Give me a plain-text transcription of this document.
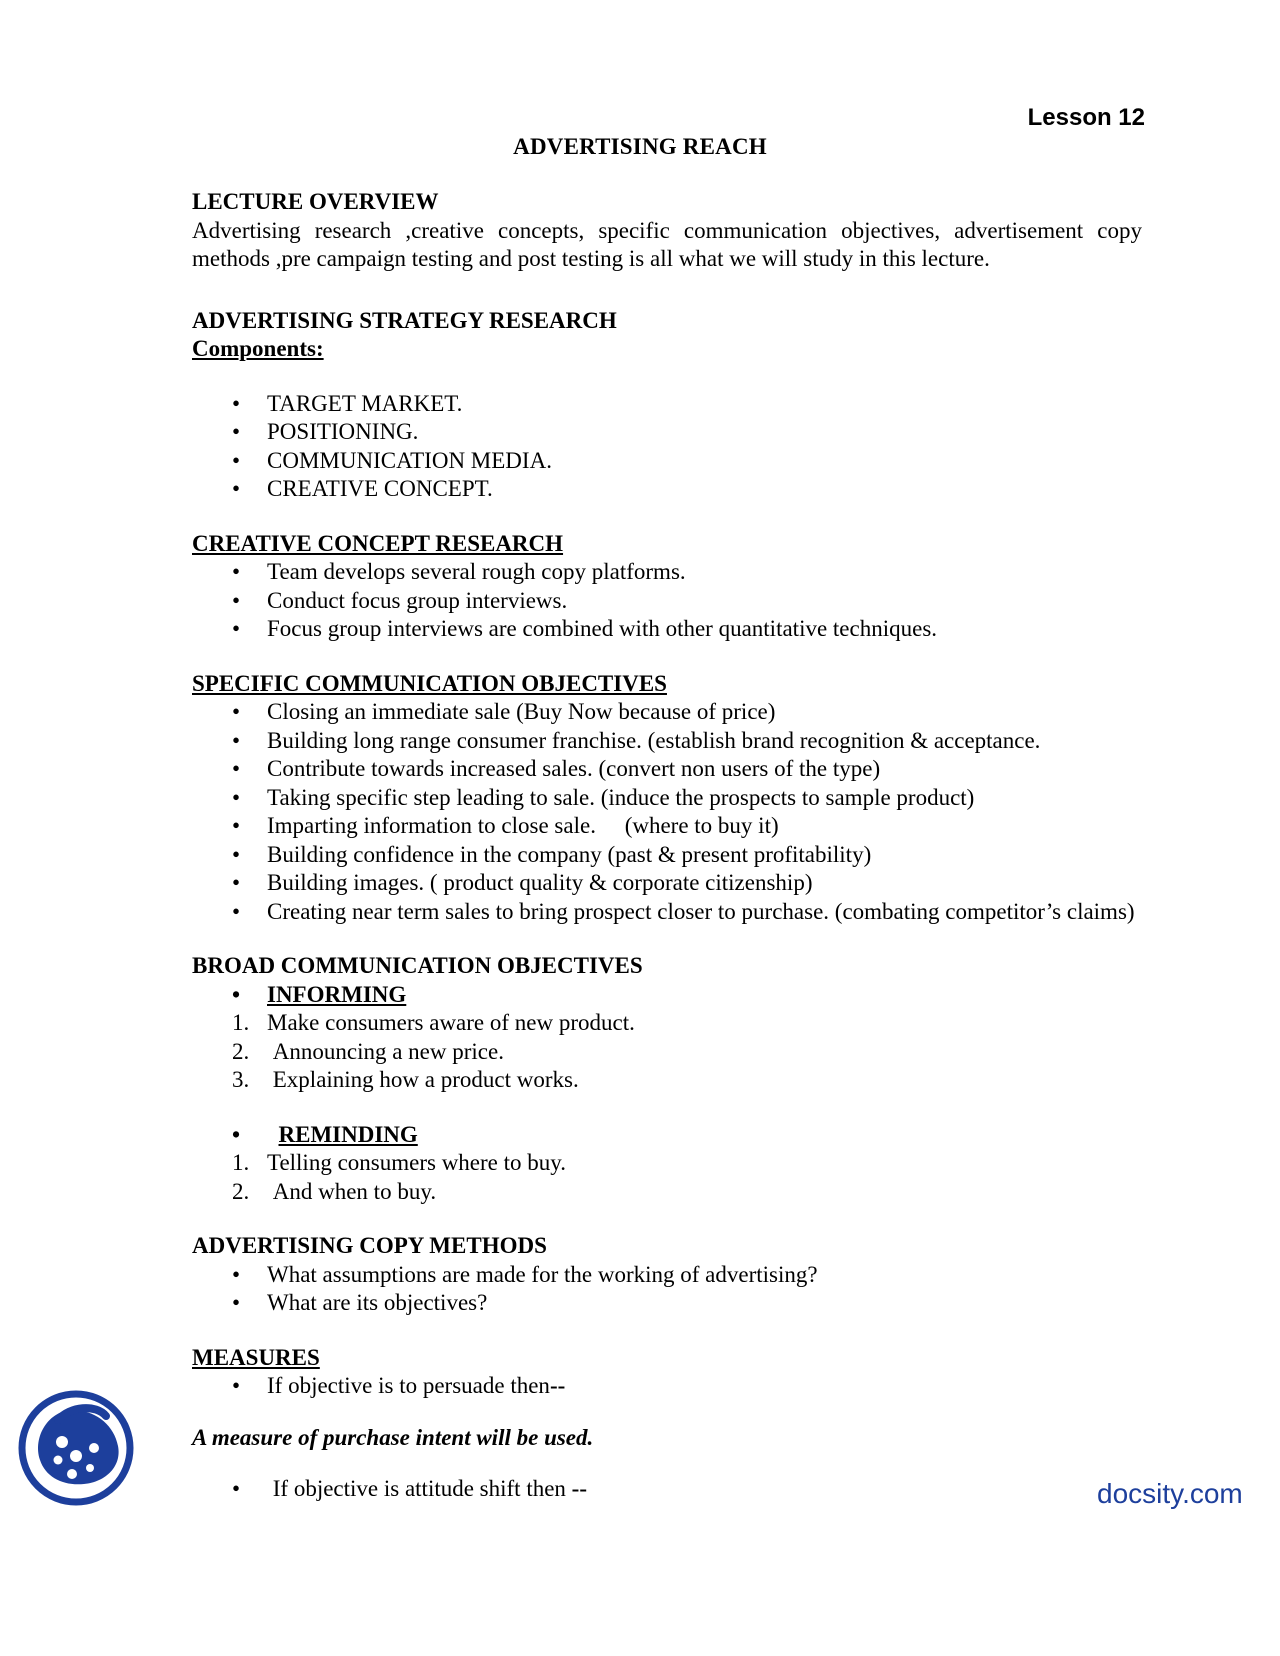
Lesson 12
ADVERTISING REACH

LECTURE OVERVIEW

Advertising research ,creative concepts, specific communication objectives, advertisement copy methods ,pre campaign testing and post testing is all what we will study in this lecture.

ADVERTISING STRATEGY RESEARCH

Components:

• TARGET MARKET.
• POSITIONING.
• COMMUNICATION MEDIA.
• CREATIVE CONCEPT.

CREATIVE CONCEPT RESEARCH

• Team develops several rough copy platforms.
• Conduct focus group interviews.
• Focus group interviews are combined with other quantitative techniques.

SPECIFIC COMMUNICATION OBJECTIVES

• Closing an immediate sale (Buy Now because of price)
• Building long range consumer franchise. (establish brand recognition & acceptance.
• Contribute towards increased sales. (convert non users of the type)
• Taking specific step leading to sale. (induce the prospects to sample product)
• Imparting information to close sale.     (where to buy it)
• Building confidence in the company (past & present profitability)
• Building images. ( product quality & corporate citizenship)
• Creating near term sales to bring prospect closer to purchase. (combating competitor’s claims)

BROAD COMMUNICATION OBJECTIVES

• INFORMING
1. Make consumers aware of new product.
2. Announcing a new price.
3. Explaining how a product works.
• REMINDING
1. Telling consumers where to buy.
2. And when to buy.

ADVERTISING COPY METHODS

• What assumptions are made for the working of advertising?
• What are its objectives?

MEASURES

• If objective is to persuade then--

A measure of purchase intent will be used.

• If objective is attitude shift then --	docsity.com
